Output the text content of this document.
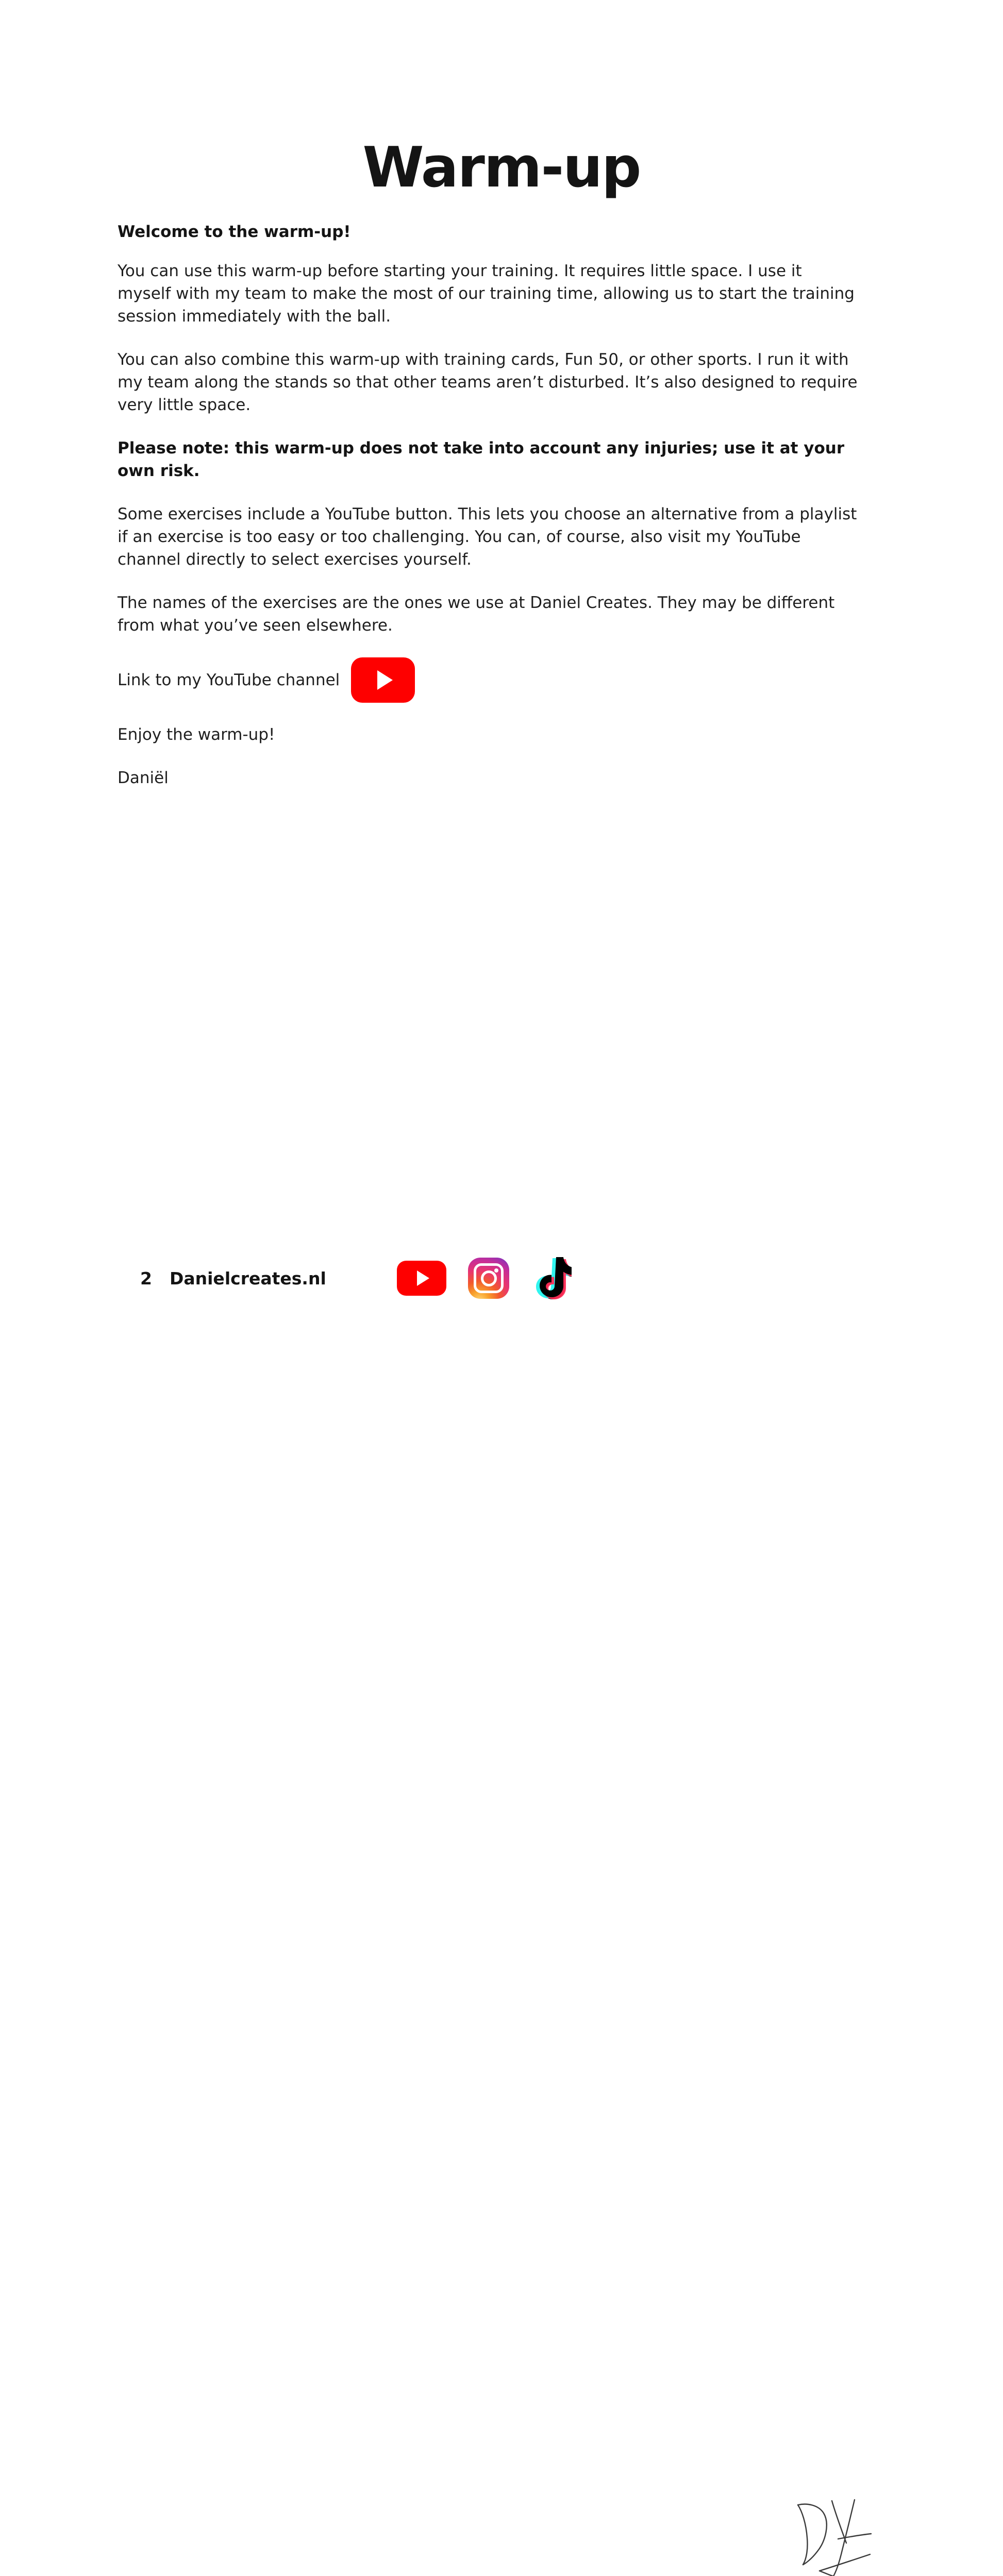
Warm-up
Welcome to the warm-up!

You can use this warm-up before starting your training. It requires little space. I use it myself with my team to make the most of our training time, allowing us to start the training session immediately with the ball.

You can also combine this warm-up with training cards, Fun 50, or other sports. I run it with my team along the stands so that other teams aren’t disturbed. It’s also designed to require very little space.

Please note: this warm-up does not take into account any injuries; use it at your own risk.

Some exercises include a YouTube button. This lets you choose an alternative from a playlist if an exercise is too easy or too challenging. You can, of course, also visit my YouTube channel directly to select exercises yourself.

The names of the exercises are the ones we use at Daniel Creates. They may be different from what you’ve seen elsewhere.

Link to my YouTube channel
Enjoy the warm-up!
Daniël
2 Danielcreates.nl
